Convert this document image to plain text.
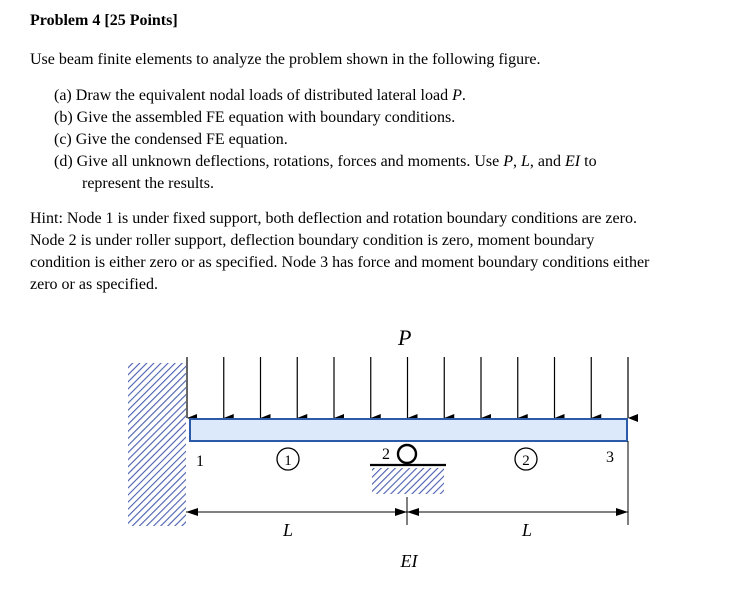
Problem 4 [25 Points]
Use beam finite elements to analyze the problem shown in the following figure.
(a) Draw the equivalent nodal loads of distributed lateral load P.
(b) Give the assembled FE equation with boundary conditions.
(c) Give the condensed FE equation.
(d) Give all unknown deflections, rotations, forces and moments. Use P, L, and EI to
represent the results.
Hint: Node 1 is under fixed support, both deflection and rotation boundary conditions are zero.
Node 2 is under roller support, deflection boundary condition is zero, moment boundary
condition is either zero or as specified. Node 3 has force and moment boundary conditions either
zero or as specified.
P
1	2	3
1	2
L	L
EI
